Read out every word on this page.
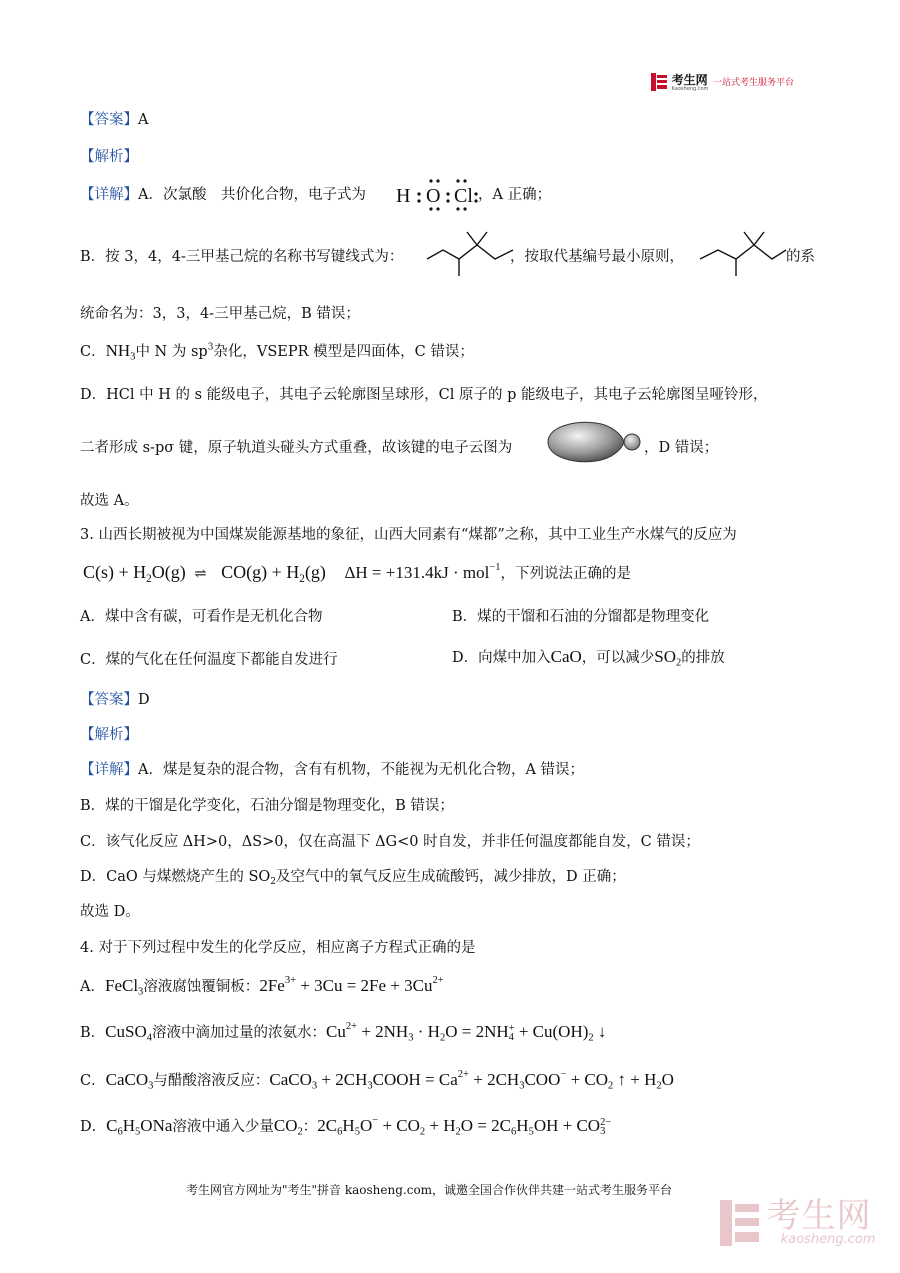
考生网
Kaosheng.com
一站式考生服务平台
【答案】A
【解析】
【详解】A．次氯酸　共价化合物，电子式为 H O Cl ，A 正确；
B．按 3，4，4-三甲基己烷的名称书写键线式为：	，按取代基编号最小原则，	的系
统命名为：3，3，4-三甲基己烷，B 错误；
C．$NH_3$中 N 为 $sp^3$杂化，VSEPR 模型是四面体，C 错误；
D．HCl 中 H 的 s 能级电子，其电子云轮廓图呈球形，Cl 原子的 p 能级电子，其电子云轮廓图呈哑铃形，
二者形成 s-pσ 键，原子轨道头碰头方式重叠，故该键的电子云图为	，D 错误；
故选 A。
3. 山西长期被视为中国煤炭能源基地的象征，山西大同素有“煤都”之称，其中工业生产水煤气的反应为
$C(s) + H_2O(g)$ ⇌ $CO(g) + H_2(g) \Delta H = +131.4kJ \cdot mol^{-1}$，下列说法正确的是
A．煤中含有碳，可看作是无机化合物	B．煤的干馏和石油的分馏都是物理变化
C．煤的气化在任何温度下都能自发进行	D．向煤中加入CaO，可以减少$SO_2$的排放
【答案】D
【解析】
【详解】A．煤是复杂的混合物，含有有机物，不能视为无机化合物，A 错误；
B．煤的干馏是化学变化，石油分馏是物理变化，B 错误；
C．该气化反应 ΔH>0，ΔS>0，仅在高温下 ΔG<0 时自发，并非任何温度都能自发，C 错误；
D．CaO 与煤燃烧产生的 $SO_2$及空气中的氧气反应生成硫酸钙，减少排放，D 正确；
故选 D。
4. 对于下列过程中发生的化学反应，相应离子方程式正确的是
A．FeCl$_3$溶液腐蚀覆铜板：$2Fe^{3+} + 3Cu = 2Fe + 3Cu^{2+}$
B．CuSO$_4$溶液中滴加过量的浓氨水：$Cu^{2+} + 2NH_3 \cdot H_2O = 2NH$ +
$4 + Cu(OH)_2$ ↓
C．CaCO$_3$与醋酸溶液反应：CaCO$_3$ + $2CH_3COOH = Ca^{2+} + 2CH_3COO^- + CO_2$ ↑ + $H_2O$
D．$C_6H_5ONa$溶液中通入少量$CO_2$：$2C_6H_5O^- + CO_2 + H_2O = 2C_6H_5OH$ + CO 2−
3
考生网官方网址为"考生"拼音 kaosheng.com，诚邀全国合作伙伴共建一站式考生服务平台

考生网
kaosheng.com
